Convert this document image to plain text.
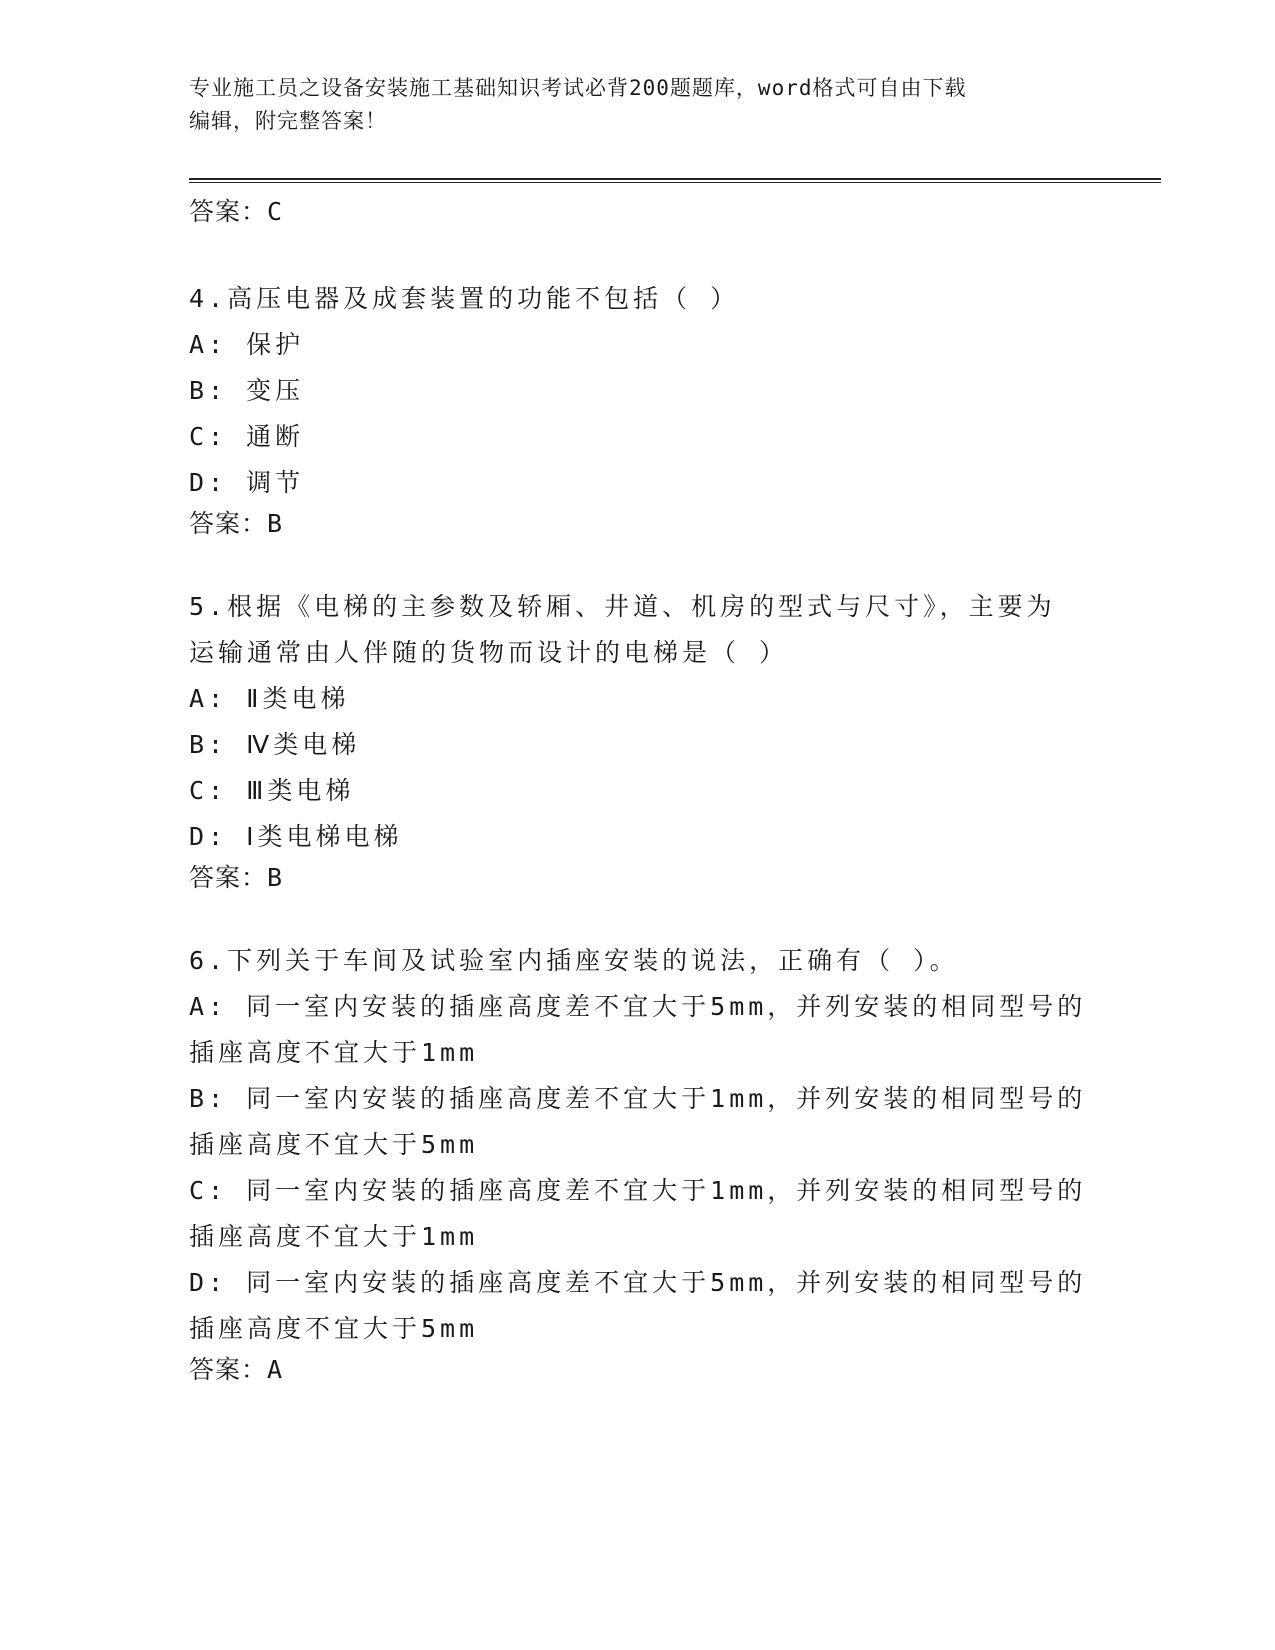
专业施工员之设备安装施工基础知识考试必背200题题库，word格式可自由下载
编辑，附完整答案！
答案：C
4.高压电器及成套装置的功能不包括（ ）
A: 保护
B: 变压
C: 通断
D: 调节
答案：B
5.根据《电梯的主参数及轿厢、井道、机房的型式与尺寸》，主要为
运输通常由人伴随的货物而设计的电梯是（ ）
A: Ⅱ类电梯
B: Ⅳ类电梯
C: Ⅲ类电梯
D: Ⅰ类电梯电梯
答案：B
6.下列关于车间及试验室内插座安装的说法，正确有（ ）。
A: 同一室内安装的插座高度差不宜大于5mm，并列安装的相同型号的
插座高度不宜大于1mm
B: 同一室内安装的插座高度差不宜大于1mm，并列安装的相同型号的
插座高度不宜大于5mm
C: 同一室内安装的插座高度差不宜大于1mm，并列安装的相同型号的
插座高度不宜大于1mm
D: 同一室内安装的插座高度差不宜大于5mm，并列安装的相同型号的
插座高度不宜大于5mm
答案：A
